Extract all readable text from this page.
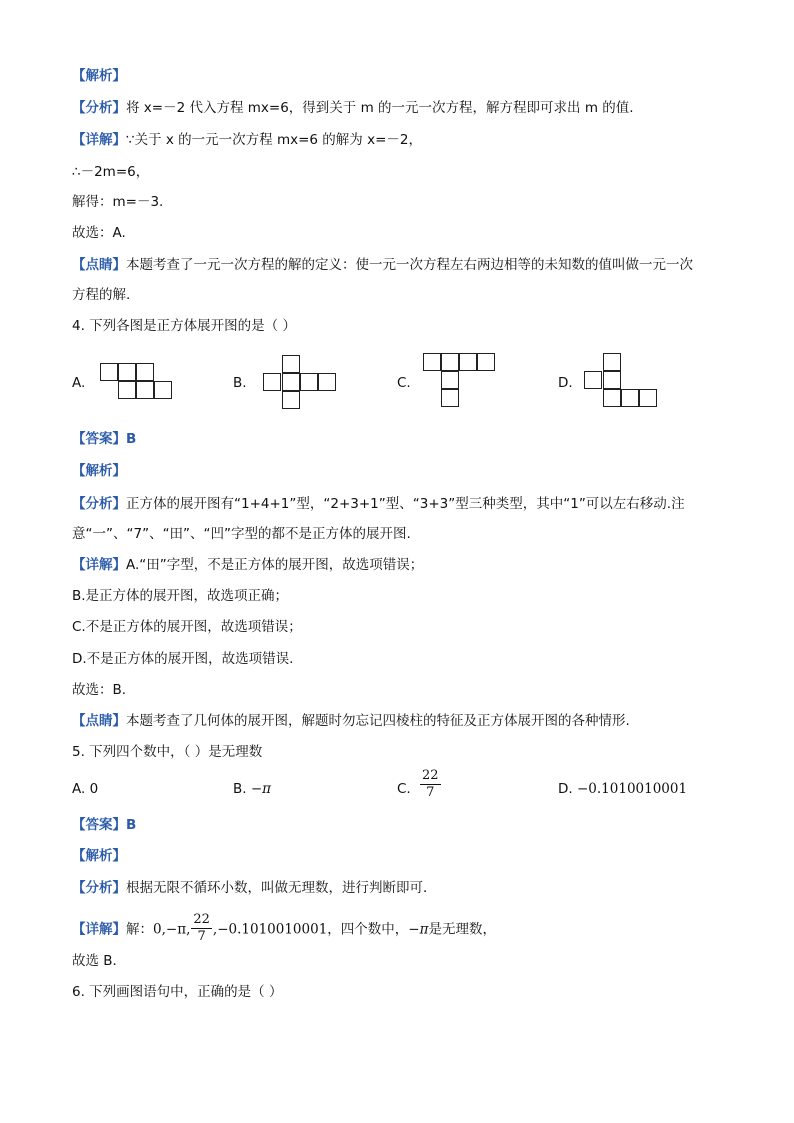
【解析】
【分析】将 x=－2 代入方程 mx=6，得到关于 m 的一元一次方程，解方程即可求出 m 的值.
【详解】∵关于 x 的一元一次方程 mx=6 的解为 x=－2，
∴－2m=6，
解得：m=－3.
故选：A.
【点睛】本题考查了一元一次方程的解的定义：使一元一次方程左右两边相等的未知数的值叫做一元一次
方程的解.
4. 下列各图是正方体展开图的是（ ）
A.	B.	C.	D.
【答案】B
【解析】
【分析】正方体的展开图有“1+4+1”型，“2+3+1”型、“3+3”型三种类型，其中“1”可以左右移动.注
意“一”、“7”、“田”、“凹”字型的都不是正方体的展开图.
【详解】A.“田”字型，不是正方体的展开图，故选项错误；
B.是正方体的展开图，故选项正确；
C.不是正方体的展开图，故选项错误；
D.不是正方体的展开图，故选项错误.
故选：B.
【点睛】本题考查了几何体的展开图，解题时勿忘记四棱柱的特征及正方体展开图的各种情形.
5. 下列四个数中，（ ）是无理数
A. 0	B. −π	C. $\frac{22}{7}$	D. −0.1010010001
【答案】B
【解析】
【分析】根据无限不循环小数，叫做无理数，进行判断即可．
【详解】解：0,−π, $\frac{22}{7} ,-0.1010010001$，四个数中，−π是无理数，
故选 B．
6. 下列画图语句中，正确的是（ ）
